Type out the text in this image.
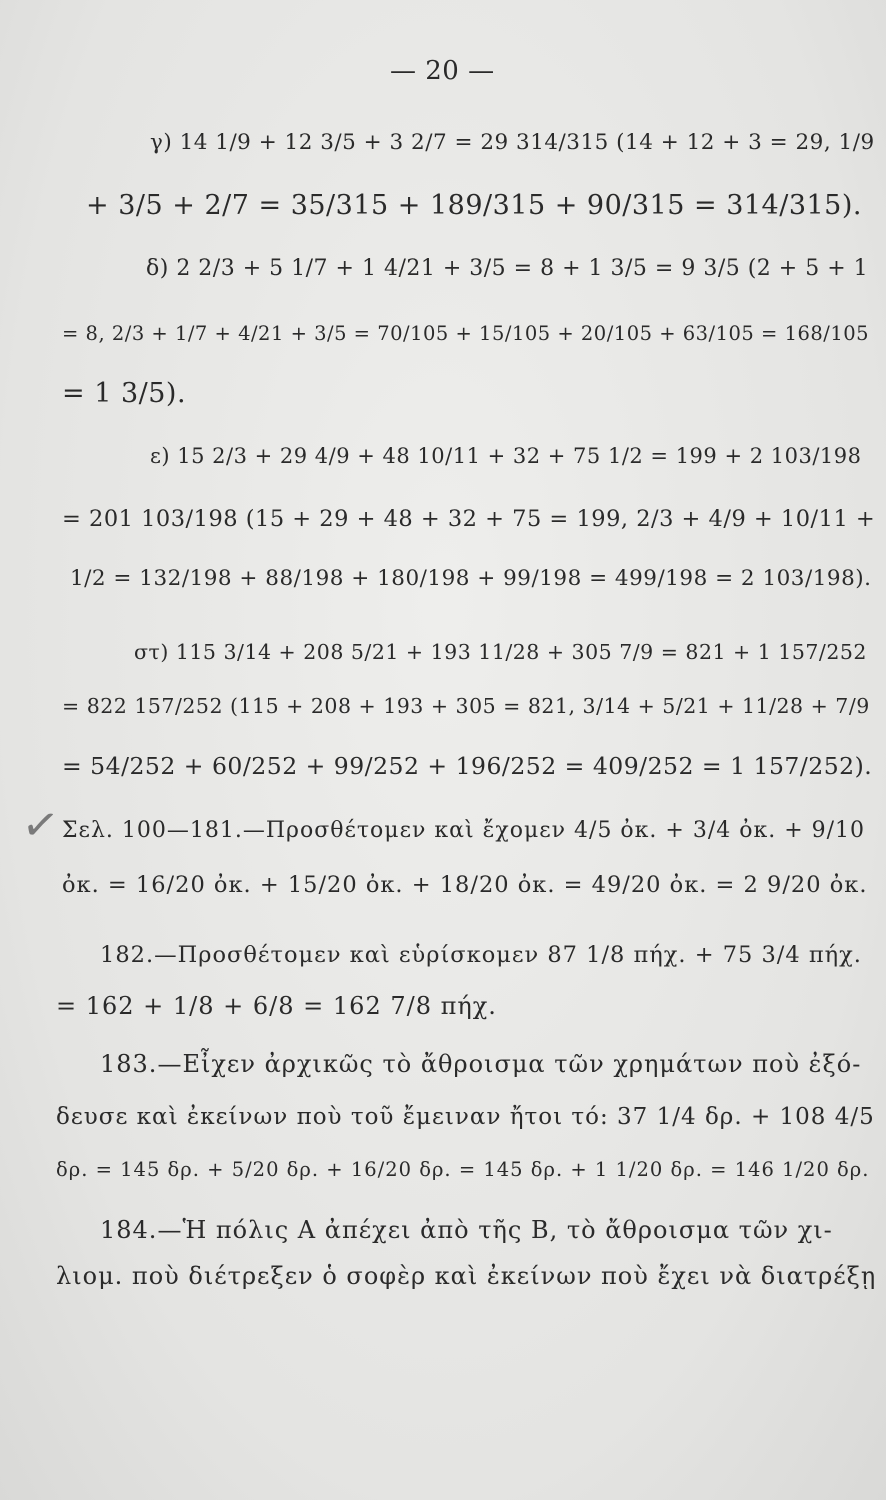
— 20 —
γ) 14 1/9 + 12 3/5 + 3 2/7 = 29 314/315 (14 + 12 + 3 = 29, 1/9
+ 3/5 + 2/7 = 35/315 + 189/315 + 90/315 = 314/315).
δ) 2 2/3 + 5 1/7 + 1 4/21 + 3/5 = 8 + 1 3/5 = 9 3/5 (2 + 5 + 1
= 8, 2/3 + 1/7 + 4/21 + 3/5 = 70/105 + 15/105 + 20/105 + 63/105 = 168/105
= 1 3/5).
ε) 15 2/3 + 29 4/9 + 48 10/11 + 32 + 75 1/2 = 199 + 2 103/198
= 201 103/198 (15 + 29 + 48 + 32 + 75 = 199, 2/3 + 4/9 + 10/11 +
1/2 = 132/198 + 88/198 + 180/198 + 99/198 = 499/198 = 2 103/198).
στ) 115 3/14 + 208 5/21 + 193 11/28 + 305 7/9 = 821 + 1 157/252
= 822 157/252 (115 + 208 + 193 + 305 = 821, 3/14 + 5/21 + 11/28 + 7/9
= 54/252 + 60/252 + 99/252 + 196/252 = 409/252 = 1 157/252).
✓ Σελ. 100—181.—Προσθέτομεν καὶ ἔχομεν 4/5 ὀκ. + 3/4 ὀκ. + 9/10
ὀκ. = 16/20 ὀκ. + 15/20 ὀκ. + 18/20 ὀκ. = 49/20 ὀκ. = 2 9/20 ὀκ.
182.—Προσθέτομεν καὶ εὑρίσκομεν 87 1/8 πήχ. + 75 3/4 πήχ.
= 162 + 1/8 + 6/8 = 162 7/8 πήχ.
183.—Εἶχεν ἀρχικῶς τὸ ἄθροισμα τῶν χρημάτων ποὺ ἐξό-
δευσε καὶ ἐκείνων ποὺ τοῦ ἔμειναν ἤτοι τό: 37 1/4 δρ. + 108 4/5
δρ. = 145 δρ. + 5/20 δρ. + 16/20 δρ. = 145 δρ. + 1 1/20 δρ. = 146 1/20 δρ.
184.—Ἡ πόλις Α ἀπέχει ἀπὸ τῆς Β, τὸ ἄθροισμα τῶν χι-
λιομ. ποὺ διέτρεξεν ὁ σοφὲρ καὶ ἐκείνων ποὺ ἔχει νὰ διατρέξῃ
